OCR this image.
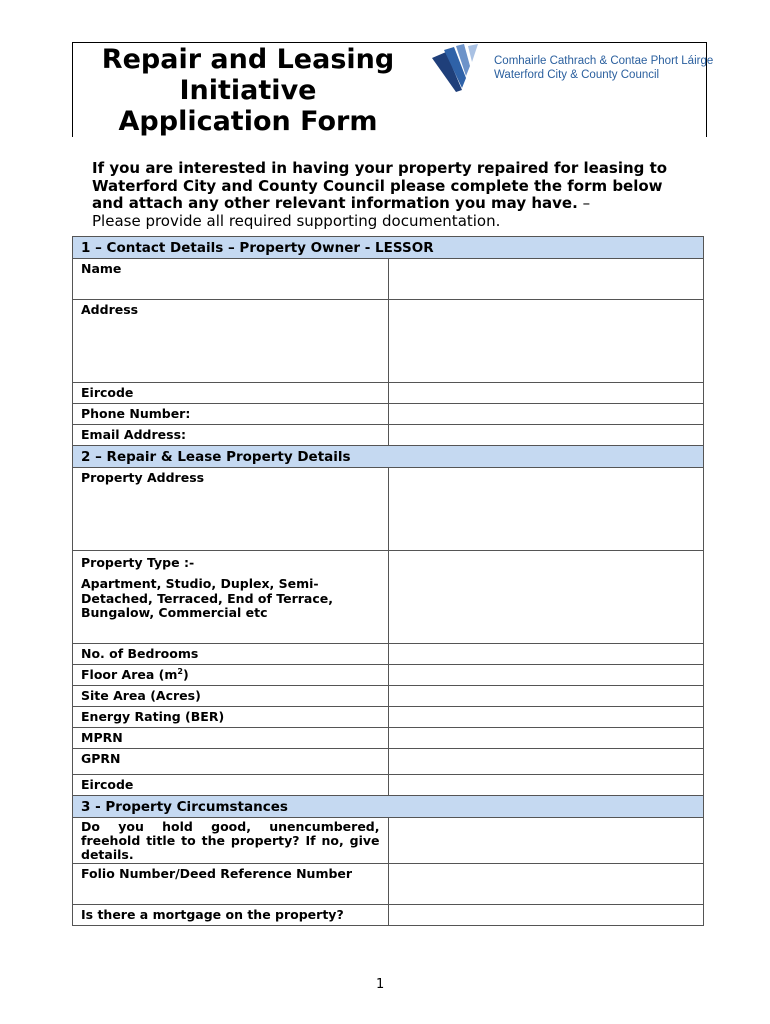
Repair and Leasing
Initiative
Application Form
Comhairle Cathrach & Contae Phort Láirge
Waterford City & County Council
If you are interested in having your property repaired for leasing to Waterford City and County Council please complete the form below and attach any other relevant information you may have. –
Please provide all required supporting documentation.
1 – Contact Details – Property Owner - LESSOR	
Name	
Address	
Eircode	
Phone Number:	
Email Address:	
2 – Repair & Lease Property Details	
Property Address	

Property Type :-
Apartment, Studio, Duplex, Semi-Detached, Terraced, End of Terrace, Bungalow, Commercial etc	

No. of Bedrooms	
Floor Area $(m^2)$	
Site Area (Acres)	
Energy Rating (BER)	
MPRN	
GPRN	
Eircode	
3 - Property Circumstances	
Do you hold good, unencumbered, freehold title to the property? If no, give details.	
Folio Number/Deed Reference Number	
Is there a mortgage on the property?	
1
